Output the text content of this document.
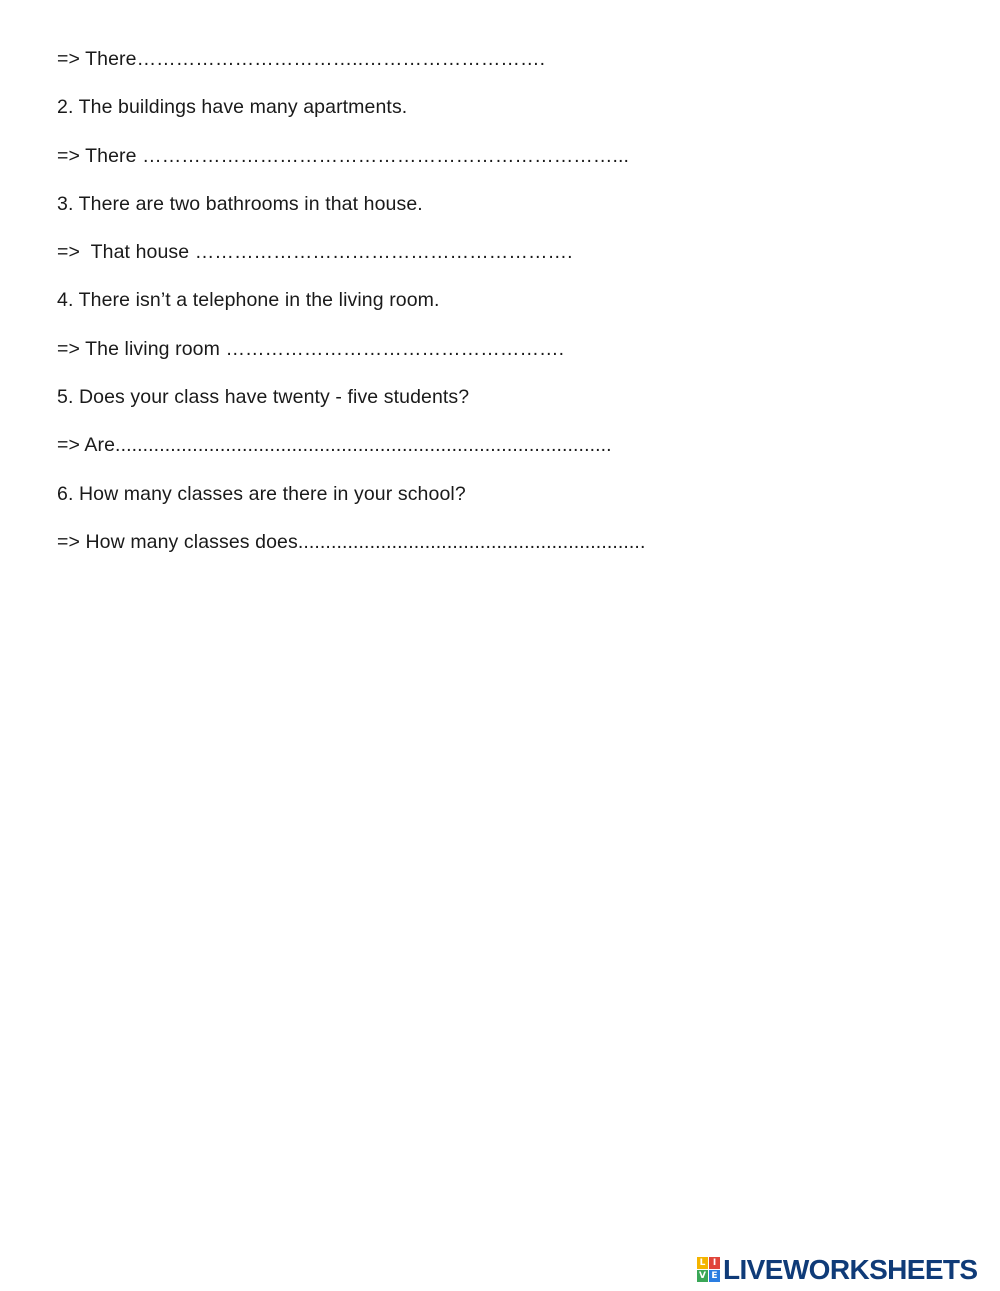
=> There……………………………..……………………….
2. The buildings have many apartments.
=> There ………………………………………………………………...
3. There are two bathrooms in that house.
=>  That house ………………………………………………….
4. There isn’t a telephone in the living room.
=> The living room …………………………………………….
5. Does your class have twenty - five students?
=> Are..........................................................................................
6. How many classes are there in your school?
=> How many classes does...............................................................
L I
V E LIVEWORKSHEETS
